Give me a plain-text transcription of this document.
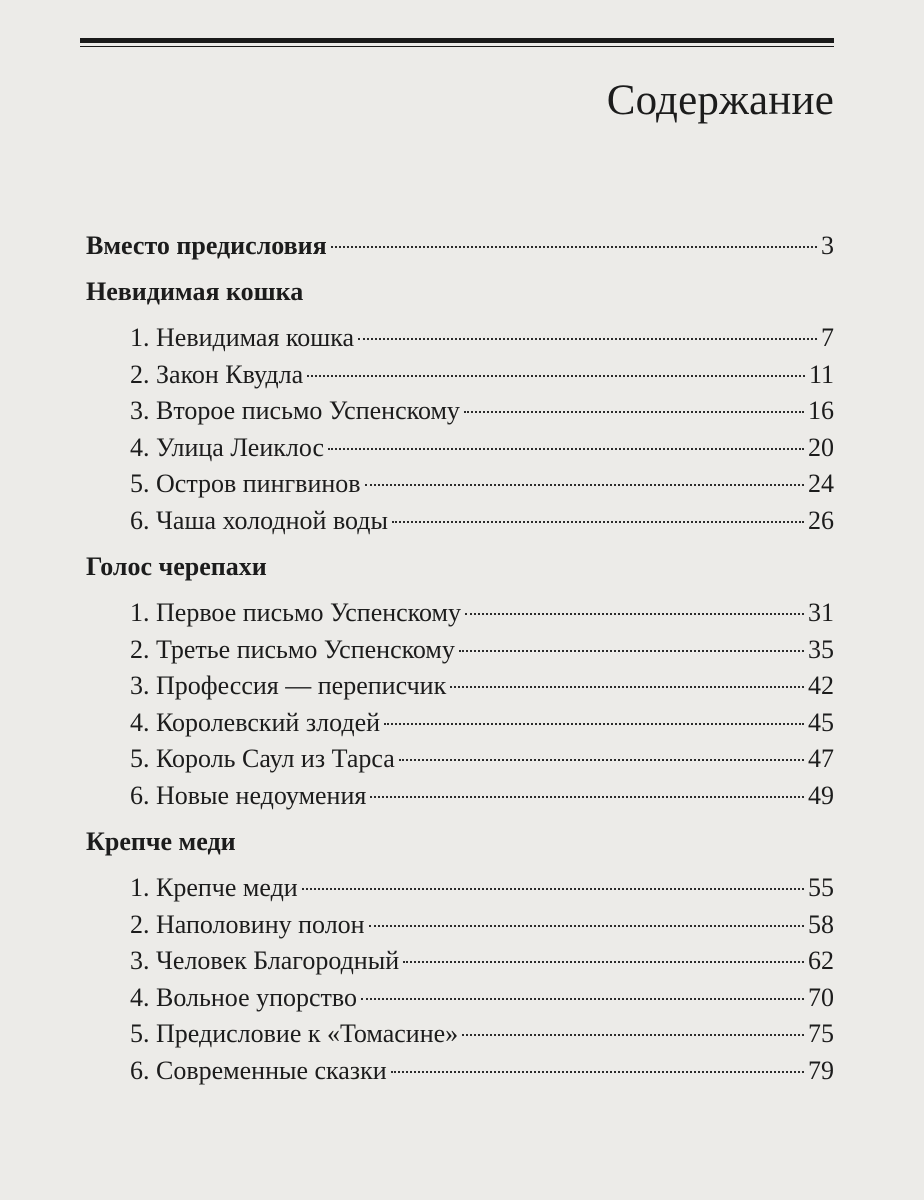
Содержание
Вместо предисловия	3
Невидимая кошка
1. Невидимая кошка	7
2. Закон Квудла	11
3. Второе письмо Успенскому	16
4. Улица Леиклос	20
5. Остров пингвинов	24
6. Чаша холодной воды	26
Голос черепахи
1. Первое письмо Успенскому	31
2. Третье письмо Успенскому	35
3. Профессия — переписчик	42
4. Королевский злодей	45
5. Король Саул из Тарса	47
6. Новые недоумения	49
Крепче меди
1. Крепче меди	55
2. Наполовину полон	58
3. Человек Благородный	62
4. Вольное упорство	70
5. Предисловие к «Томасине»	75
6. Современные сказки	79
